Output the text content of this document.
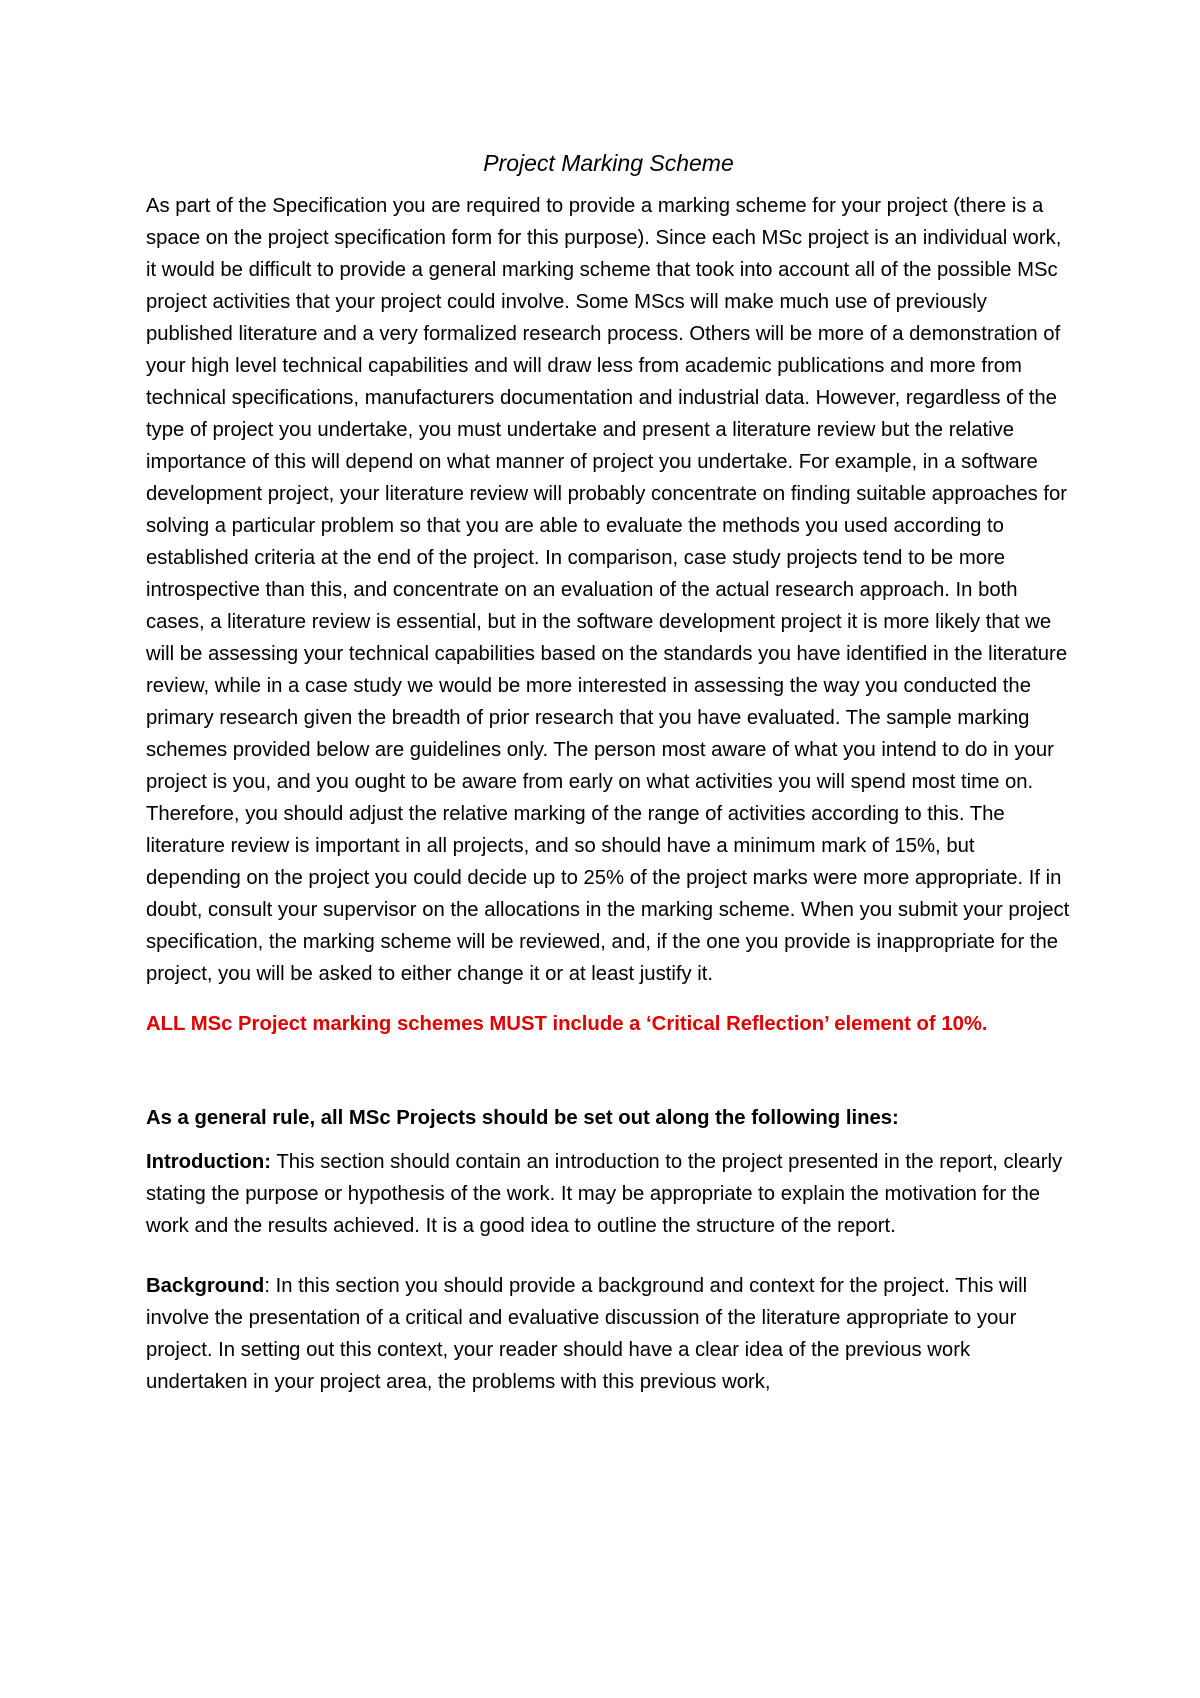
Project Marking Scheme

As part of the Specification you are required to provide a marking scheme for your project (there is a space on the project specification form for this purpose). Since each MSc project is an individual work, it would be difficult to provide a general marking scheme that took into account all of the possible MSc project activities that your project could involve. Some MScs will make much use of previously published literature and a very formalized research process. Others will be more of a demonstration of your high level technical capabilities and will draw less from academic publications and more from technical specifications, manufacturers documentation and industrial data. However, regardless of the type of project you undertake, you must undertake and present a literature review but the relative importance of this will depend on what manner of project you undertake. For example, in a software development project, your literature review will probably concentrate on finding suitable approaches for solving a particular problem so that you are able to evaluate the methods you used according to established criteria at the end of the project. In comparison, case study projects tend to be more introspective than this, and concentrate on an evaluation of the actual research approach. In both cases, a literature review is essential, but in the software development project it is more likely that we will be assessing your technical capabilities based on the standards you have identified in the literature review, while in a case study we would be more interested in assessing the way you conducted the primary research given the breadth of prior research that you have evaluated. The sample marking schemes provided below are guidelines only. The person most aware of what you intend to do in your project is you, and you ought to be aware from early on what activities you will spend most time on. Therefore, you should adjust the relative marking of the range of activities according to this. The literature review is important in all projects, and so should have a minimum mark of 15%, but depending on the project you could decide up to 25% of the project marks were more appropriate. If in doubt, consult your supervisor on the allocations in the marking scheme. When you submit your project specification, the marking scheme will be reviewed, and, if the one you provide is inappropriate for the project, you will be asked to either change it or at least justify it.

ALL MSc Project marking schemes MUST include a ‘Critical Reflection’ element of 10%.

As a general rule, all MSc Projects should be set out along the following lines:

Introduction: This section should contain an introduction to the project presented in the report, clearly stating the purpose or hypothesis of the work. It may be appropriate to explain the motivation for the work and the results achieved. It is a good idea to outline the structure of the report.

Background: In this section you should provide a background and context for the project. This will involve the presentation of a critical and evaluative discussion of the literature appropriate to your project. In setting out this context, your reader should have a clear idea of the previous work undertaken in your project area, the problems with this previous work,
